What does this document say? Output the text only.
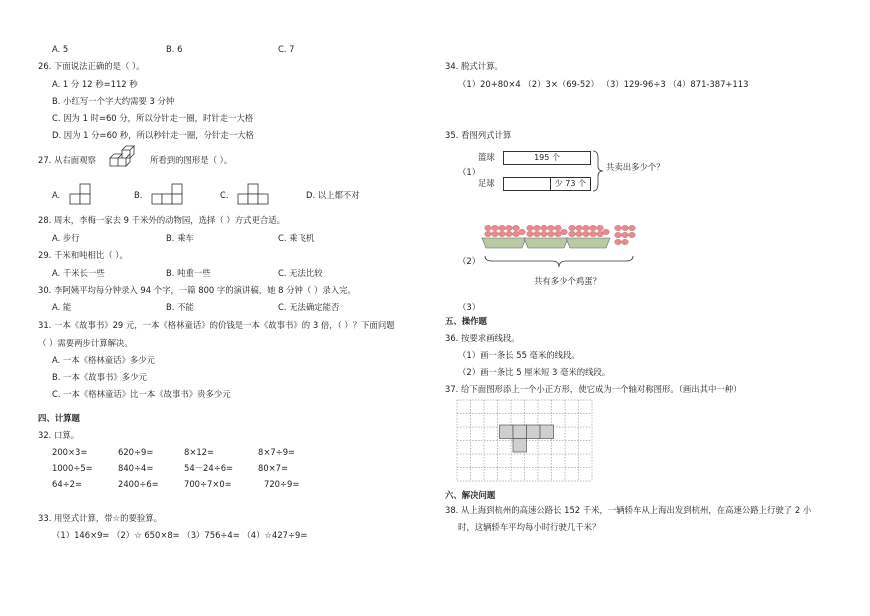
A. 5	B. 6	C. 7
26. 下面说法正确的是（ ）。
A. 1 分 12 秒=112 秒
B. 小红写一个字大约需要 3 分钟
C. 因为 1 时=60 分，所以分针走一圈，时针走一大格
D. 因为 1 分=60 秒，所以秒针走一圈，分针走一大格
27. 从右面观察	所看到的图形是（ ）。
A.	B.	C.	D. 以上都不对
28. 周末，李梅一家去 9 千米外的动物园，选择（ ）方式更合适。
A. 步行	B. 乘车	C. 乘飞机
29. 千米和吨相比（ ）。
A. 千米长一些	B. 吨重一些	C. 无法比较
30. 李阿姨平均每分钟录入 94 个字，一篇 800 字的演讲稿，她 8 分钟（ ）录入完。
A. 能	B. 不能	C. 无法确定能否
31. 一本《故事书》29 元，一本《格林童话》的价钱是一本《故事书》的 3 倍，（ ）？下面问题
（ ）需要两步计算解决。
A. 一本《格林童话》多少元
B. 一本《故事书》多少元
C. 一本《格林童话》比一本《故事书》贵多少元
四、计算题
32. 口算。
200×3=	620÷9=	8×12=	8×7÷9=
1000÷5=	840÷4=	54－24÷6=	80×7=
64÷2=	2400÷6=	700÷7×0=	720÷9=
33. 用竖式计算，带☆的要验算。
（1）146×9= （2）☆ 650×8= （3）756÷4= （4）☆427÷9=
34. 脱式计算。
（1）20+80×4 （2）3×（69-52） （3）129-96÷3 （4）871-387+113
35. 看图列式计算
（1）
篮球	195 个
足球	少 73 个
共卖出多少个？
（2）
共有多少个鸡蛋？
（3）
五、操作题
36. 按要求画线段。
（1）画一条长 55 毫米的线段。
（2）画一条比 5 厘米短 3 毫米的线段。
37. 给下面图形添上一个小正方形，使它成为一个轴对称图形。（画出其中一种）
六、解决问题
38. 从上海到杭州的高速公路长 152 千米，一辆轿车从上海出发到杭州，在高速公路上行驶了 2 小
时，这辆轿车平均每小时行驶几千米？
